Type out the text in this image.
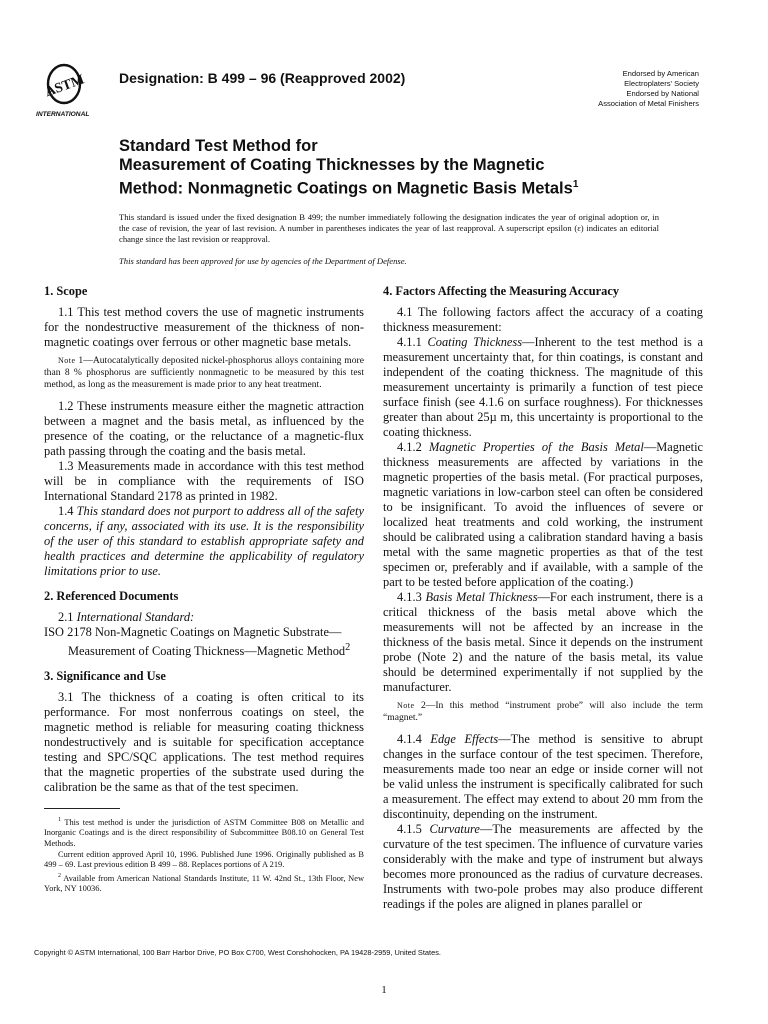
ASTM
INTERNATIONAL
Designation: B 499 – 96 (Reapproved 2002)	Endorsed by American
Electroplaters' Society
Endorsed by National
Association of Metal Finishers
Standard Test Method for
Measurement of Coating Thicknesses by the Magnetic
Method: Nonmagnetic Coatings on Magnetic Basis Metals$^1$
This standard is issued under the fixed designation B 499; the number immediately following the designation indicates the year of original adoption or, in the case of revision, the year of last revision. A number in parentheses indicates the year of last reapproval. A superscript epsilon (ε) indicates an editorial change since the last revision or reapproval.
This standard has been approved for use by agencies of the Department of Defense.
1. Scope

1.1 This test method covers the use of magnetic instruments for the nondestructive measurement of the thickness of non-magnetic coatings over ferrous or other magnetic base metals.

Note 1—Autocatalytically deposited nickel-phosphorus alloys containing more than 8 % phosphorus are sufficiently nonmagnetic to be measured by this test method, as long as the measurement is made prior to any heat treatment.

1.2 These instruments measure either the magnetic attraction between a magnet and the basis metal, as influenced by the presence of the coating, or the reluctance of a magnetic-flux path passing through the coating and the basis metal.

1.3 Measurements made in accordance with this test method will be in compliance with the requirements of ISO International Standard 2178 as printed in 1982.

1.4 This standard does not purport to address all of the safety concerns, if any, associated with its use. It is the responsibility of the user of this standard to establish appropriate safety and health practices and determine the applicability of regulatory limitations prior to use.

2. Referenced Documents

2.1 International Standard:

ISO 2178 Non-Magnetic Coatings on Magnetic Substrate—
Measurement of Coating Thickness—Magnetic Method$^2$

3. Significance and Use

3.1 The thickness of a coating is often critical to its performance. For most nonferrous coatings on steel, the magnetic method is reliable for measuring coating thickness nondestructively and is suitable for specification acceptance testing and SPC/SQC applications. The test method requires that the magnetic properties of the substrate used during the calibration be the same as that of the test specimen.

4. Factors Affecting the Measuring Accuracy

4.1 The following factors affect the accuracy of a coating thickness measurement:

4.1.1 Coating Thickness—Inherent to the test method is a measurement uncertainty that, for thin coatings, is constant and independent of the coating thickness. The magnitude of this measurement uncertainty is primarily a function of test piece surface finish (see 4.1.6 on surface roughness). For thicknesses greater than about 25µ m, this uncertainty is proportional to the coating thickness.

4.1.2 Magnetic Properties of the Basis Metal—Magnetic thickness measurements are affected by variations in the magnetic properties of the basis metal. (For practical purposes, magnetic variations in low-carbon steel can often be considered to be insignificant. To avoid the influences of severe or localized heat treatments and cold working, the instrument should be calibrated using a calibration standard having a basis metal with the same magnetic properties as that of the test specimen or, preferably and if available, with a sample of the part to be tested before application of the coating.)

4.1.3 Basis Metal Thickness—For each instrument, there is a critical thickness of the basis metal above which the measurements will not be affected by an increase in the thickness of the basis metal. Since it depends on the instrument probe (Note 2) and the nature of the basis metal, its value should be determined experimentally if not supplied by the manufacturer.

Note 2—In this method “instrument probe” will also include the term “magnet.”

4.1.4 Edge Effects—The method is sensitive to abrupt changes in the surface contour of the test specimen. Therefore, measurements made too near an edge or inside corner will not be valid unless the instrument is specifically calibrated for such a measurement. The effect may extend to about 20 mm from the discontinuity, depending on the instrument.

4.1.5 Curvature—The measurements are affected by the curvature of the test specimen. The influence of curvature varies considerably with the make and type of instrument but always becomes more pronounced as the radius of curvature decreases. Instruments with two-pole probes may also produce different readings if the poles are aligned in planes parallel or

$^1$ This test method is under the jurisdiction of ASTM Committee B08 on Metallic and Inorganic Coatings and is the direct responsibility of Subcommittee B08.10 on General Test Methods.

Current edition approved April 10, 1996. Published June 1996. Originally published as B 499 – 69. Last previous edition B 499 – 88. Replaces portions of A 219.

$^2$ Available from American National Standards Institute, 11 W. 42nd St., 13th Floor, New York, NY 10036.

Copyright © ASTM International, 100 Barr Harbor Drive, PO Box C700, West Conshohocken, PA 19428-2959, United States.
1
